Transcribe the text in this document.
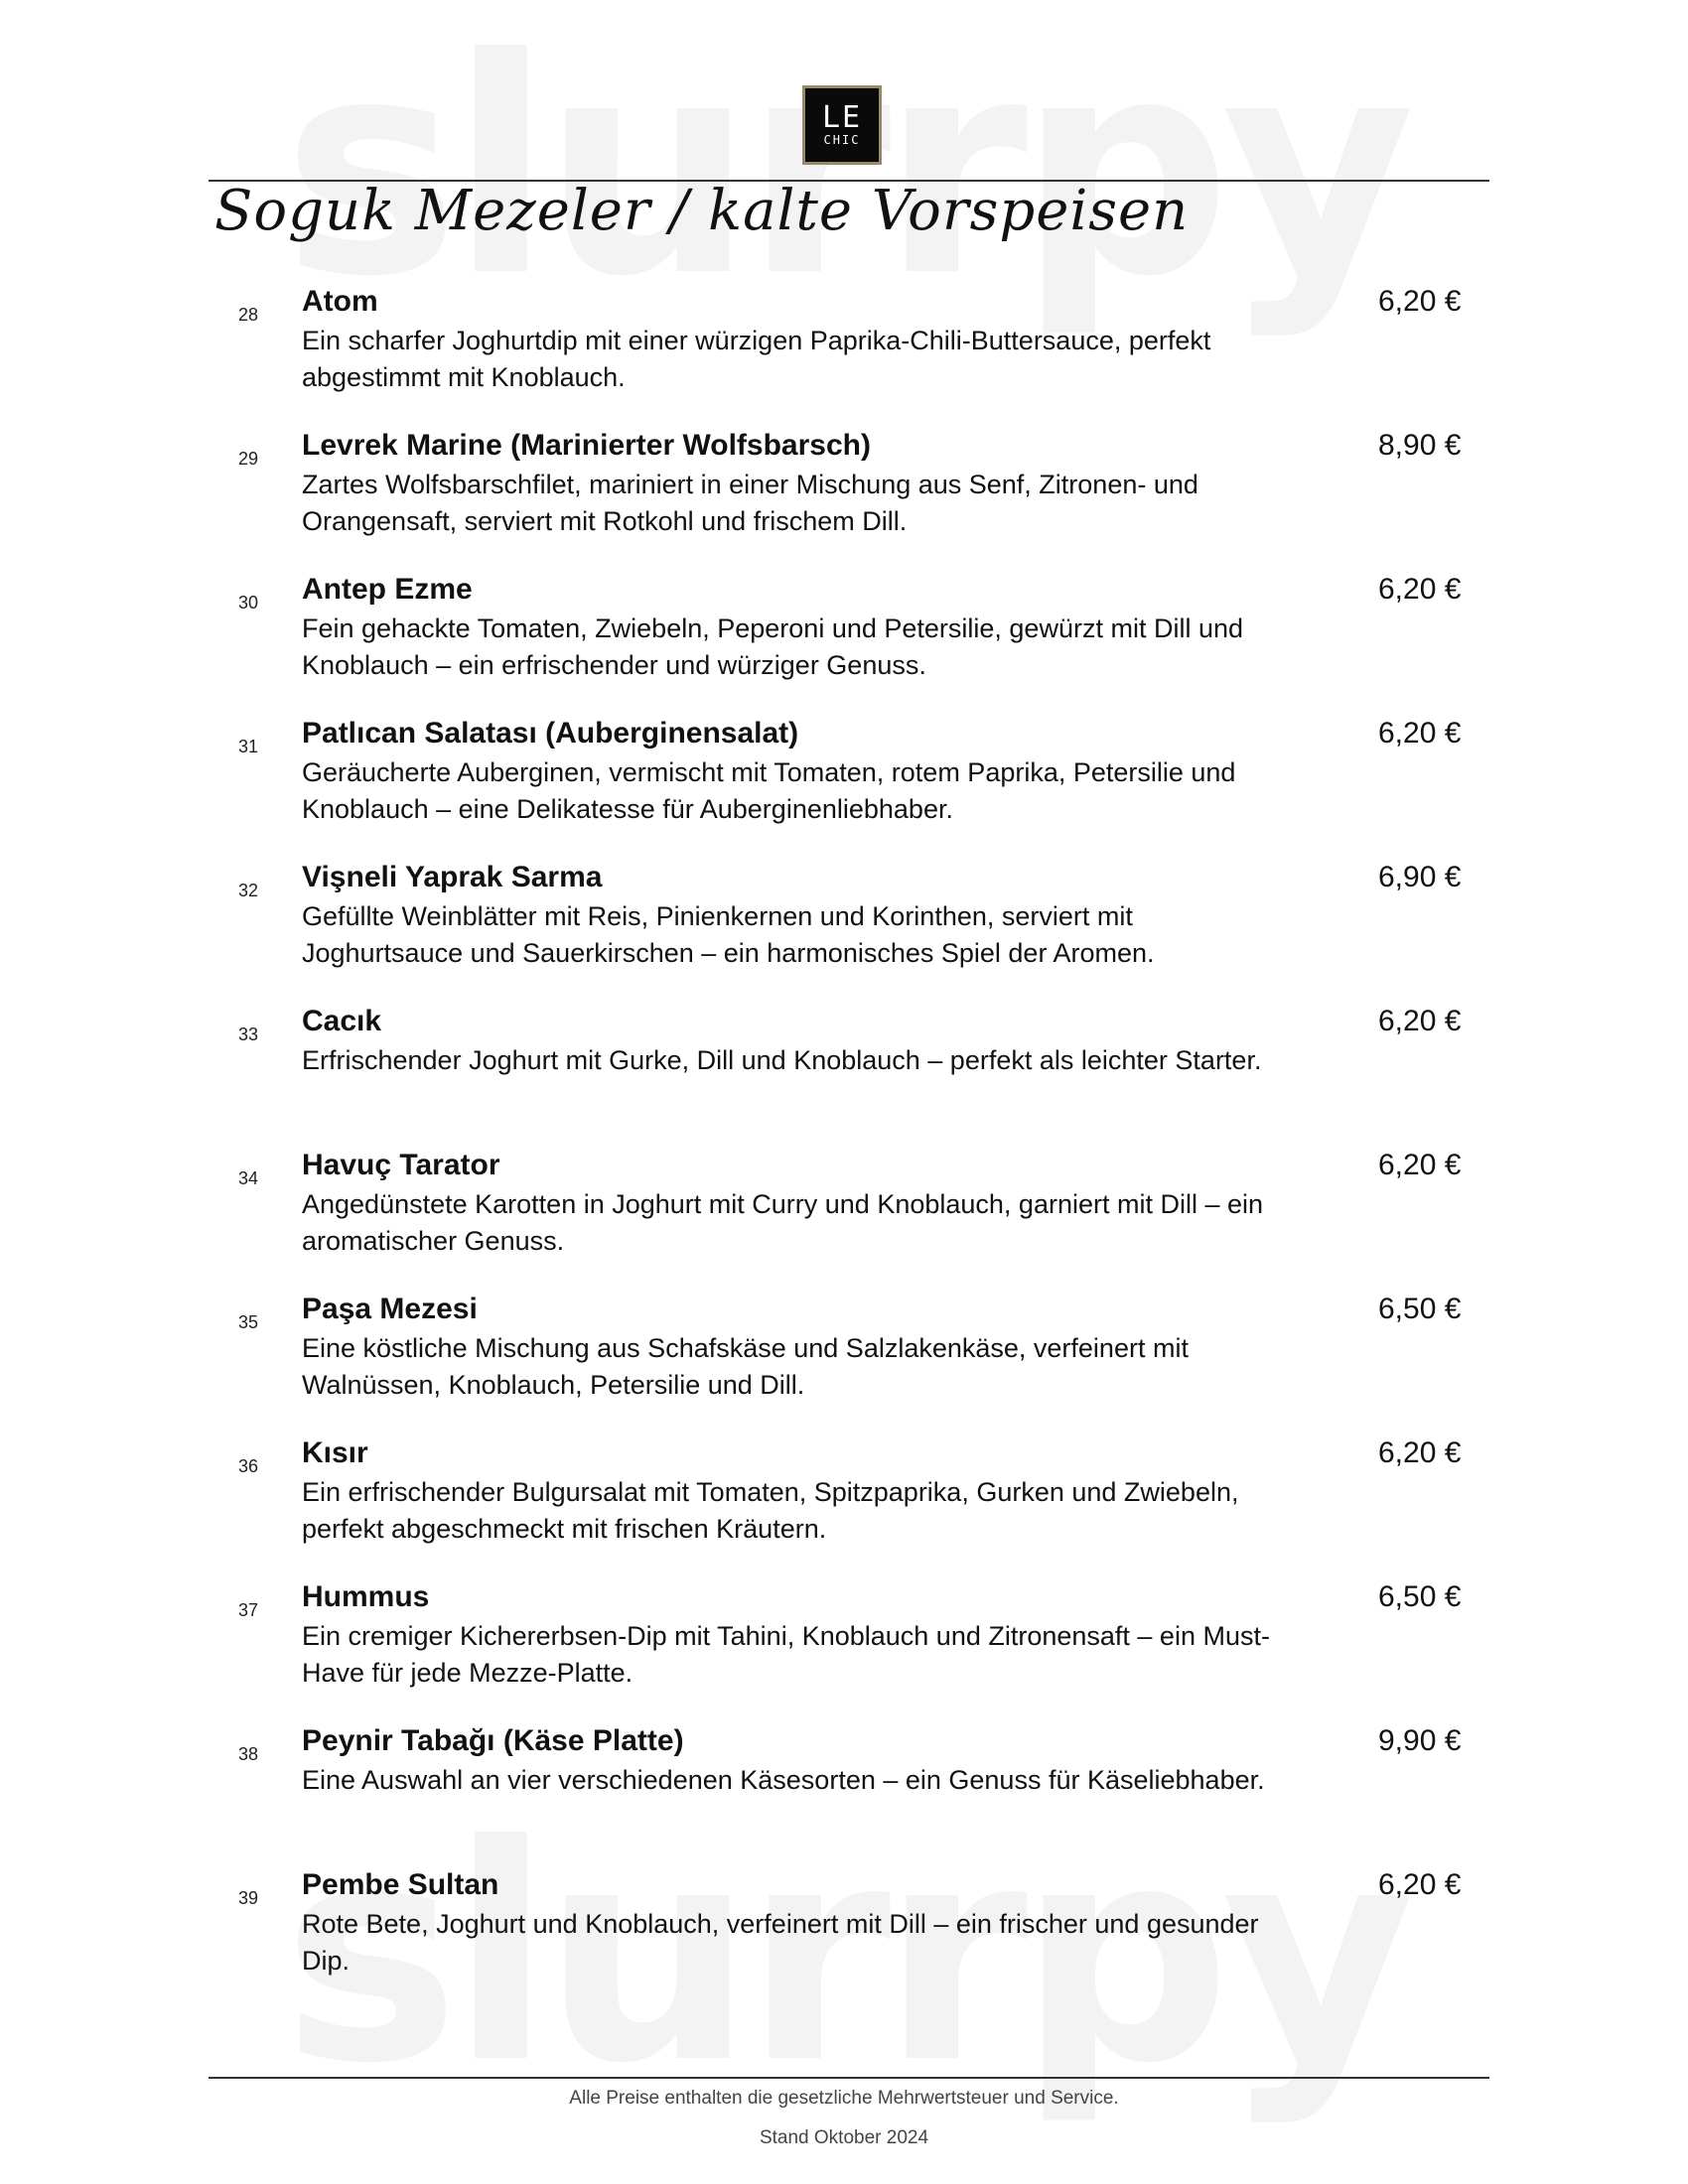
LE
CHIC
Soguk Mezeler / kalte Vorspeisen
28 Atom
Ein scharfer Joghurtdip mit einer würzigen Paprika-Chili-Buttersauce, perfekt abgestimmt mit Knoblauch.
6,20 €
29 Levrek Marine (Marinierter Wolfsbarsch)
Zartes Wolfsbarschfilet, mariniert in einer Mischung aus Senf, Zitronen- und Orangensaft, serviert mit Rotkohl und frischem Dill.
8,90 €
30 Antep Ezme
Fein gehackte Tomaten, Zwiebeln, Peperoni und Petersilie, gewürzt mit Dill und Knoblauch – ein erfrischender und würziger Genuss.
6,20 €
31 Patlıcan Salatası (Auberginensalat)
Geräucherte Auberginen, vermischt mit Tomaten, rotem Paprika, Petersilie und Knoblauch – eine Delikatesse für Auberginenliebhaber.
6,20 €
32 Vişneli Yaprak Sarma
Gefüllte Weinblätter mit Reis, Pinienkernen und Korinthen, serviert mit Joghurtsauce und Sauerkirschen – ein harmonisches Spiel der Aromen.
6,90 €
33 Cacık
Erfrischender Joghurt mit Gurke, Dill und Knoblauch – perfekt als leichter Starter.
6,20 €
34 Havuç Tarator
Angedünstete Karotten in Joghurt mit Curry und Knoblauch, garniert mit Dill – ein aromatischer Genuss.
6,20 €
35 Paşa Mezesi
Eine köstliche Mischung aus Schafskäse und Salzlakenkäse, verfeinert mit Walnüssen, Knoblauch, Petersilie und Dill.
6,50 €
36 Kısır
Ein erfrischender Bulgursalat mit Tomaten, Spitzpaprika, Gurken und Zwiebeln, perfekt abgeschmeckt mit frischen Kräutern.
6,20 €
37 Hummus
Ein cremiger Kichererbsen-Dip mit Tahini, Knoblauch und Zitronensaft – ein Must-Have für jede Mezze-Platte.
6,50 €
38 Peynir Tabağı (Käse Platte)
Eine Auswahl an vier verschiedenen Käsesorten – ein Genuss für Käseliebhaber.
9,90 €
39 Pembe Sultan
Rote Bete, Joghurt und Knoblauch, verfeinert mit Dill – ein frischer und gesunder Dip.
6,20 €
Alle Preise enthalten die gesetzliche Mehrwertsteuer und Service.
Stand Oktober 2024
